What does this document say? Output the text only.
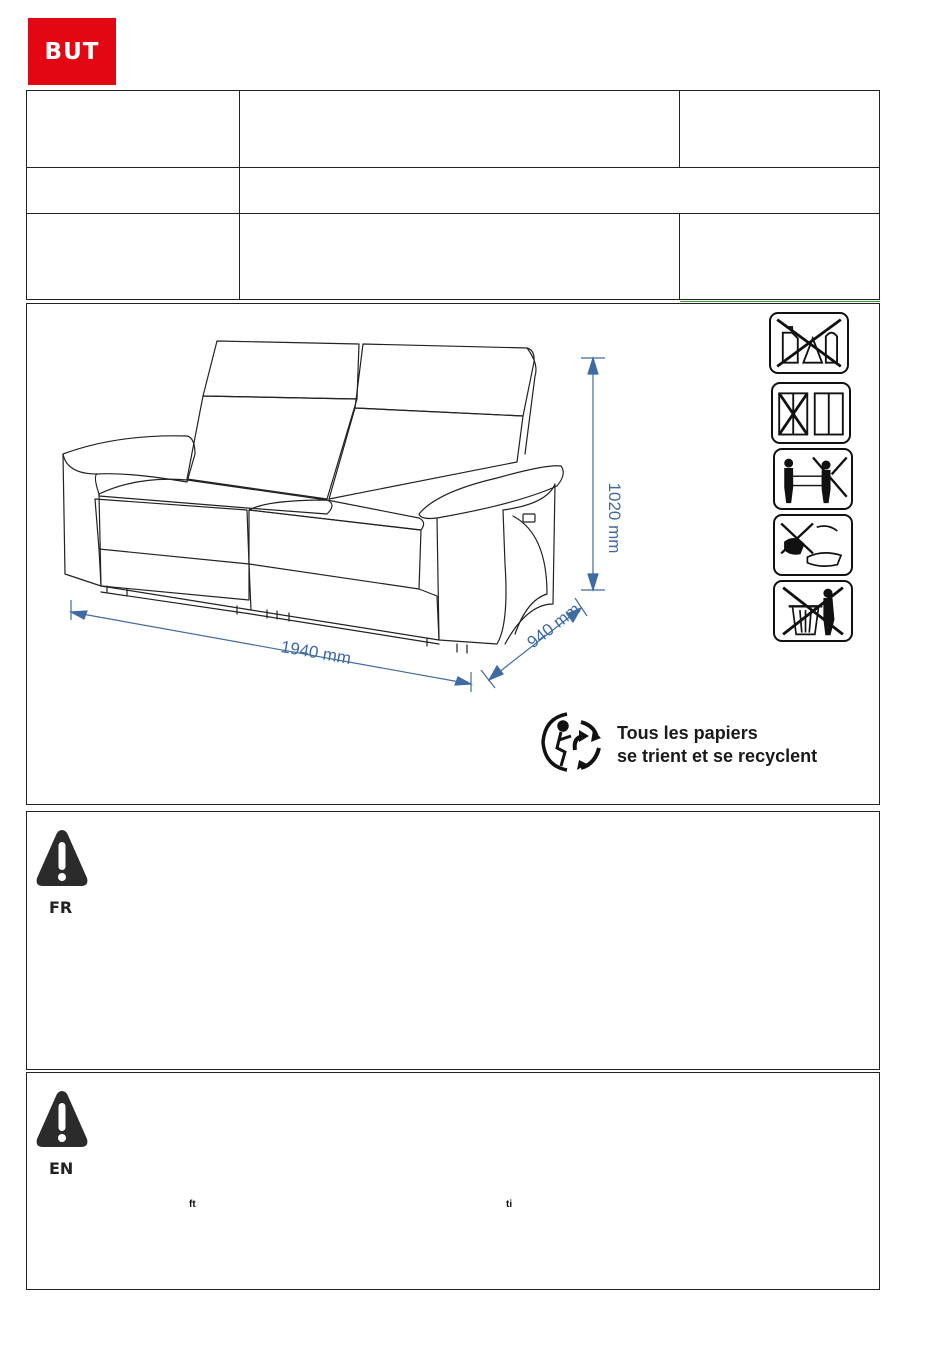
BUT
1940 mm
1020 mm
940 mm
Tous les papiers
se trient et se recyclent
FR
EN
ft	ti
